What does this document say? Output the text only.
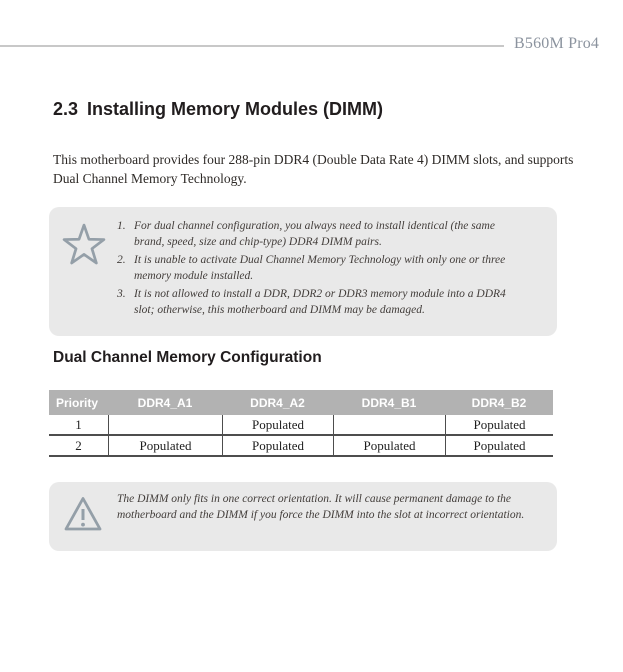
B560M Pro4
2.3 Installing Memory Modules (DIMM)
This motherboard provides four 288-pin DDR4 (Double Data Rate 4) DIMM slots, and supports Dual Channel Memory Technology.
1. For dual channel configuration, you always need to install identical (the same brand, speed, size and chip-type) DDR4 DIMM pairs.
2. It is unable to activate Dual Channel Memory Technology with only one or three memory module installed.
3. It is not allowed to install a DDR, DDR2 or DDR3 memory module into a DDR4 slot; otherwise, this motherboard and DIMM may be damaged.
Dual Channel Memory Configuration
Priority	DDR4_A1	DDR4_A2	DDR4_B1	DDR4_B2
1		Populated		Populated
2	Populated	Populated	Populated	Populated
The DIMM only fits in one correct orientation. It will cause permanent damage to the motherboard and the DIMM if you force the DIMM into the slot at incorrect orientation.
